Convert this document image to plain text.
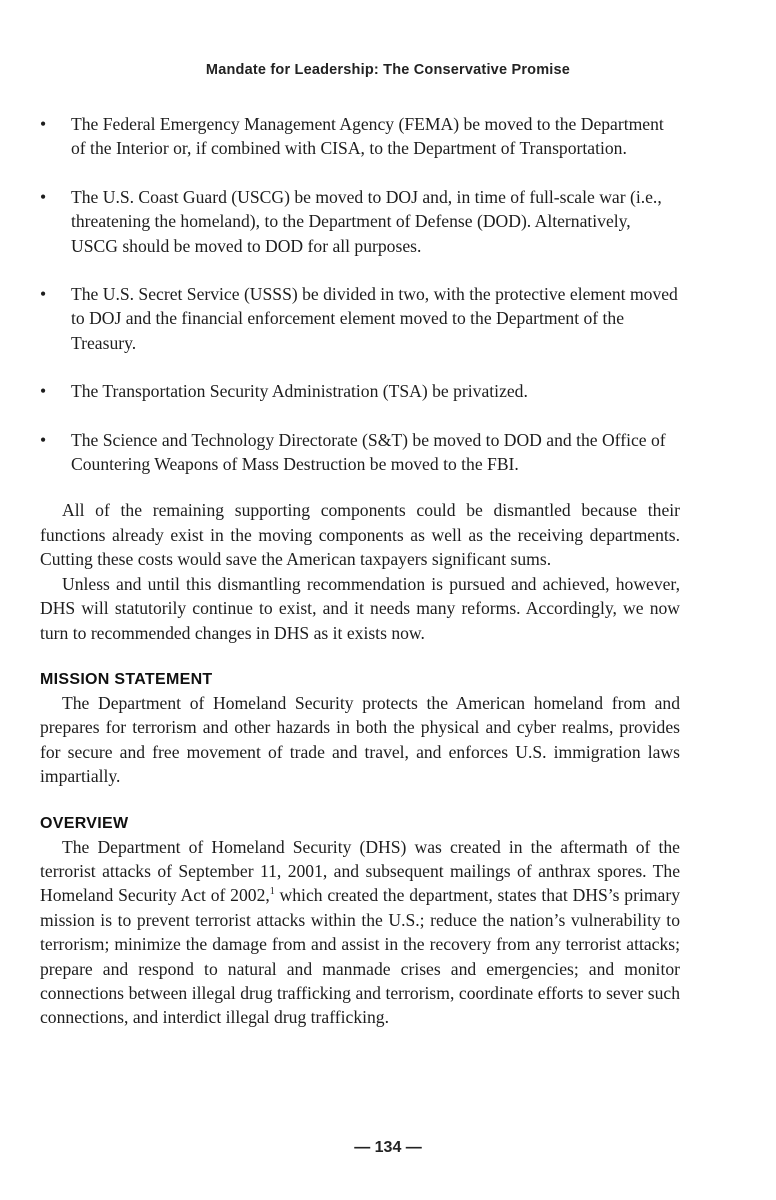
Mandate for Leadership: The Conservative Promise
• The Federal Emergency Management Agency (FEMA) be moved to the Department of the Interior or, if combined with CISA, to the Department of Transportation.
• The U.S. Coast Guard (USCG) be moved to DOJ and, in time of full-scale war (i.e., threatening the homeland), to the Department of Defense (DOD). Alternatively, USCG should be moved to DOD for all purposes.
• The U.S. Secret Service (USSS) be divided in two, with the protective element moved to DOJ and the financial enforcement element moved to the Department of the Treasury.
• The Transportation Security Administration (TSA) be privatized.
• The Science and Technology Directorate (S&T) be moved to DOD and the Office of Countering Weapons of Mass Destruction be moved to the FBI.

All of the remaining supporting components could be dismantled because their functions already exist in the moving components as well as the receiving departments. Cutting these costs would save the American taxpayers significant sums.

Unless and until this dismantling recommendation is pursued and achieved, however, DHS will statutorily continue to exist, and it needs many reforms. Accordingly, we now turn to recommended changes in DHS as it exists now.

MISSION STATEMENT

The Department of Homeland Security protects the American homeland from and prepares for terrorism and other hazards in both the physical and cyber realms, provides for secure and free movement of trade and travel, and enforces U.S. immigration laws impartially.

OVERVIEW

The Department of Homeland Security (DHS) was created in the aftermath of the terrorist attacks of September 11, 2001, and subsequent mailings of anthrax spores. The Homeland Security Act of 2002,$^1$ which created the department, states that DHS’s primary mission is to prevent terrorist attacks within the U.S.; reduce the nation’s vulnerability to terrorism; minimize the damage from and assist in the recovery from any terrorist attacks; prepare and respond to natural and manmade crises and emergencies; and monitor connections between illegal drug trafficking and terrorism, coordinate efforts to sever such connections, and interdict illegal drug trafficking.

— 134 —
